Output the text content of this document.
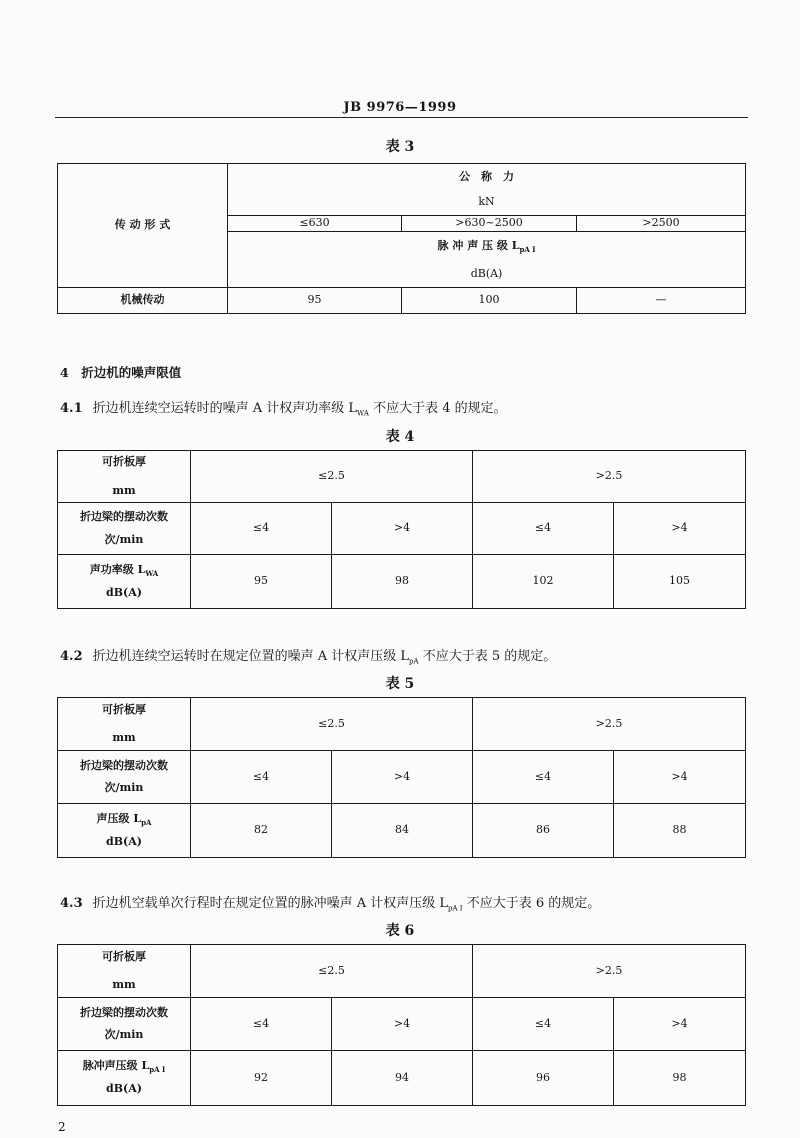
JB 9976—1999
表 3
传 动 形 式	公　称　力		
	kN		
	≤630	>630~2500	>2500
	脉 冲 声 压 级 $L_{pA I}$
	dB(A)		
机械传动	95	100	—
4　折边机的噪声限值
4.1 折边机连续空运转时的噪声 A 计权声功率级 $L_{WA}$ 不应大于表 4 的规定。
表 4
可折板厚
mm	≤2.5		>2.5	

折边梁的摆动次数
次/min	≤4	>4	≤4	>4

声功率级 $L_{WA}$
dB(A)	95	98	102	105
4.2 折边机连续空运转时在规定位置的噪声 A 计权声压级 $L_{pA}$ 不应大于表 5 的规定。
表 5
可折板厚
mm	≤2.5		>2.5	

折边梁的摆动次数
次/min	≤4	>4	≤4	>4

声压级 $L_{pA}$
dB(A)	82	84	86	88
4.3 折边机空载单次行程时在规定位置的脉冲噪声 A 计权声压级 $L_{pA I}$ 不应大于表 6 的规定。
表 6
可折板厚
mm	≤2.5		>2.5	

折边梁的摆动次数
次/min	≤4	>4	≤4	>4

脉冲声压级 $L_{pA I}$
dB(A)	92	94	96	98
2
